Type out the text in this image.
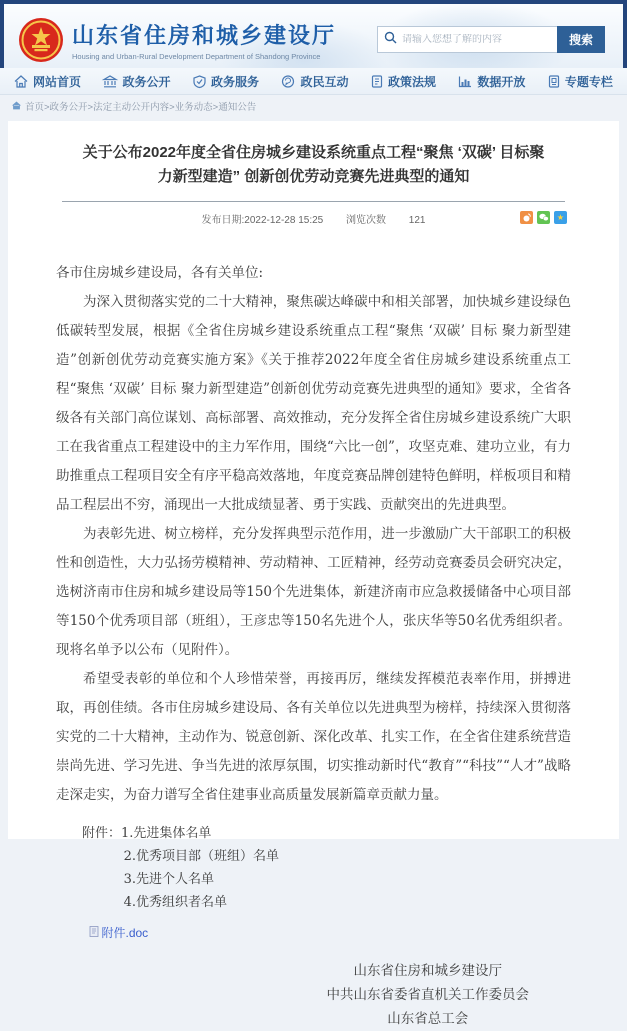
山东省住房和城乡建设厅
Housing and Urban-Rural Development Department of Shandong Province
请输入您想了解的内容
搜索
网站首页	政务公开	政务服务	政民互动	政策法规	数据开放	专题专栏
首页>政务公开>法定主动公开内容>业务动态>通知公告
关于公布2022年度全省住房城乡建设系统重点工程“聚焦 ‘双碳’ 目标聚力新型建造” 创新创优劳动竞赛先进典型的通知
发布日期:2022-12-28 15:25 浏览次数 121	★

各市住房城乡建设局，各有关单位:

为深入贯彻落实党的二十大精神，聚焦碳达峰碳中和相关部署，加快城乡建设绿色低碳转型发展，根据《全省住房城乡建设系统重点工程“聚焦 ‘双碳’ 目标 聚力新型建造”创新创优劳动竞赛实施方案》《关于推荐2022年度全省住房城乡建设系统重点工程“聚焦 ‘双碳’ 目标 聚力新型建造”创新创优劳动竞赛先进典型的通知》要求，全省各级各有关部门高位谋划、高标部署、高效推动，充分发挥全省住房城乡建设系统广大职工在我省重点工程建设中的主力军作用，围绕“六比一创”，攻坚克难、建功立业，有力助推重点工程项目安全有序平稳高效落地，年度竞赛品牌创建特色鲜明，样板项目和精品工程层出不穷，涌现出一大批成绩显著、勇于实践、贡献突出的先进典型。

为表彰先进、树立榜样，充分发挥典型示范作用，进一步激励广大干部职工的积极性和创造性，大力弘扬劳模精神、劳动精神、工匠精神，经劳动竞赛委员会研究决定，选树济南市住房和城乡建设局等150个先进集体，新建济南市应急救援储备中心项目部等150个优秀项目部（班组），王彦忠等150名先进个人，张庆华等50名优秀组织者。现将名单予以公布（见附件）。

希望受表彰的单位和个人珍惜荣誉，再接再厉，继续发挥模范表率作用，拼搏进取，再创佳绩。各市住房城乡建设局、各有关单位以先进典型为榜样，持续深入贯彻落实党的二十大精神，主动作为、锐意创新、深化改革、扎实工作，在全省住建系统营造崇尚先进、学习先进、争当先进的浓厚氛围，切实推动新时代“教育”“科技”“人才”战略走深走实，为奋力谱写全省住建事业高质量发展新篇章贡献力量。

附件： 1.先进集体名单
2.优秀项目部（班组）名单
3.先进个人名单
4.优秀组织者名单
附件.doc
山东省住房和城乡建设厅
中共山东省委省直机关工作委员会
山东省总工会
